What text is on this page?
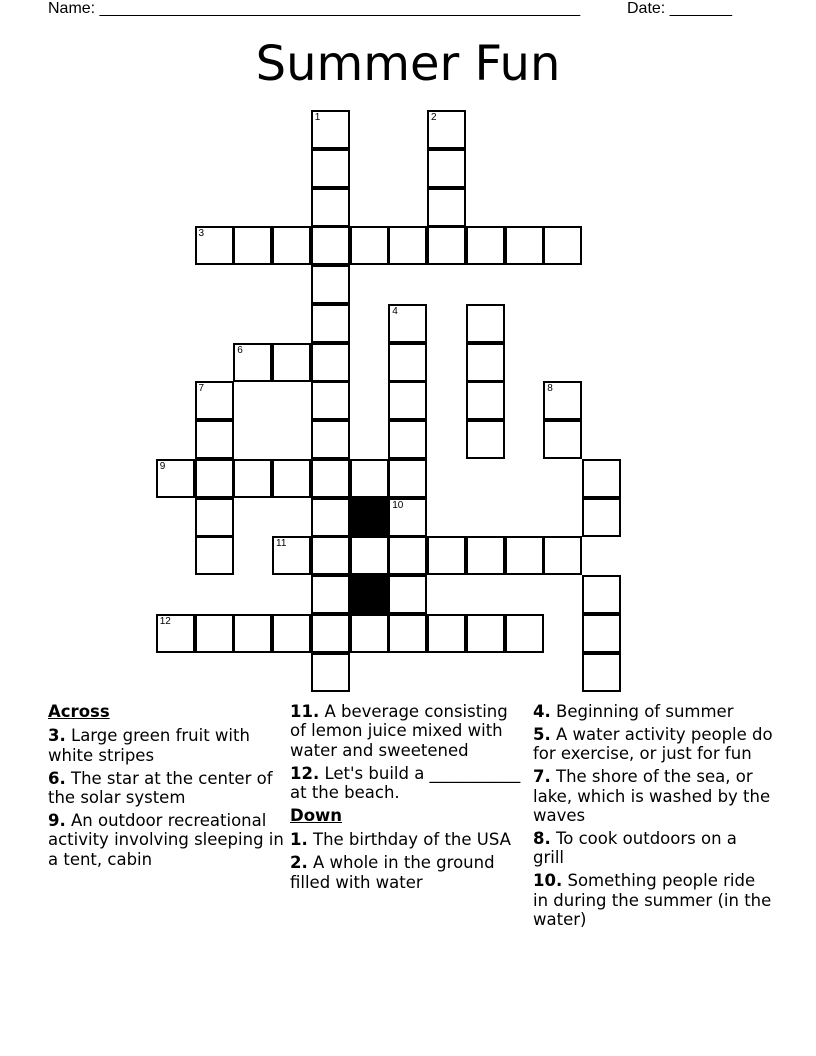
Name: ______________________________________________________	Date: _______
Summer Fun
1	2
3
4
6
7	8
9
10
11
12
Across
3. Large green fruit with white stripes
6. The star at the center of the solar system
9. An outdoor recreational activity involving sleeping in a tent, cabin
11. A beverage consisting of lemon juice mixed with water and sweetened
12. Let's build a ___________ at the beach.
Down
1. The birthday of the USA
2. A whole in the ground filled with water
4. Beginning of summer
5. A water activity people do for exercise, or just for fun
7. The shore of the sea, or lake, which is washed by the waves
8. To cook outdoors on a grill
10. Something people ride in during the summer (in the water)
